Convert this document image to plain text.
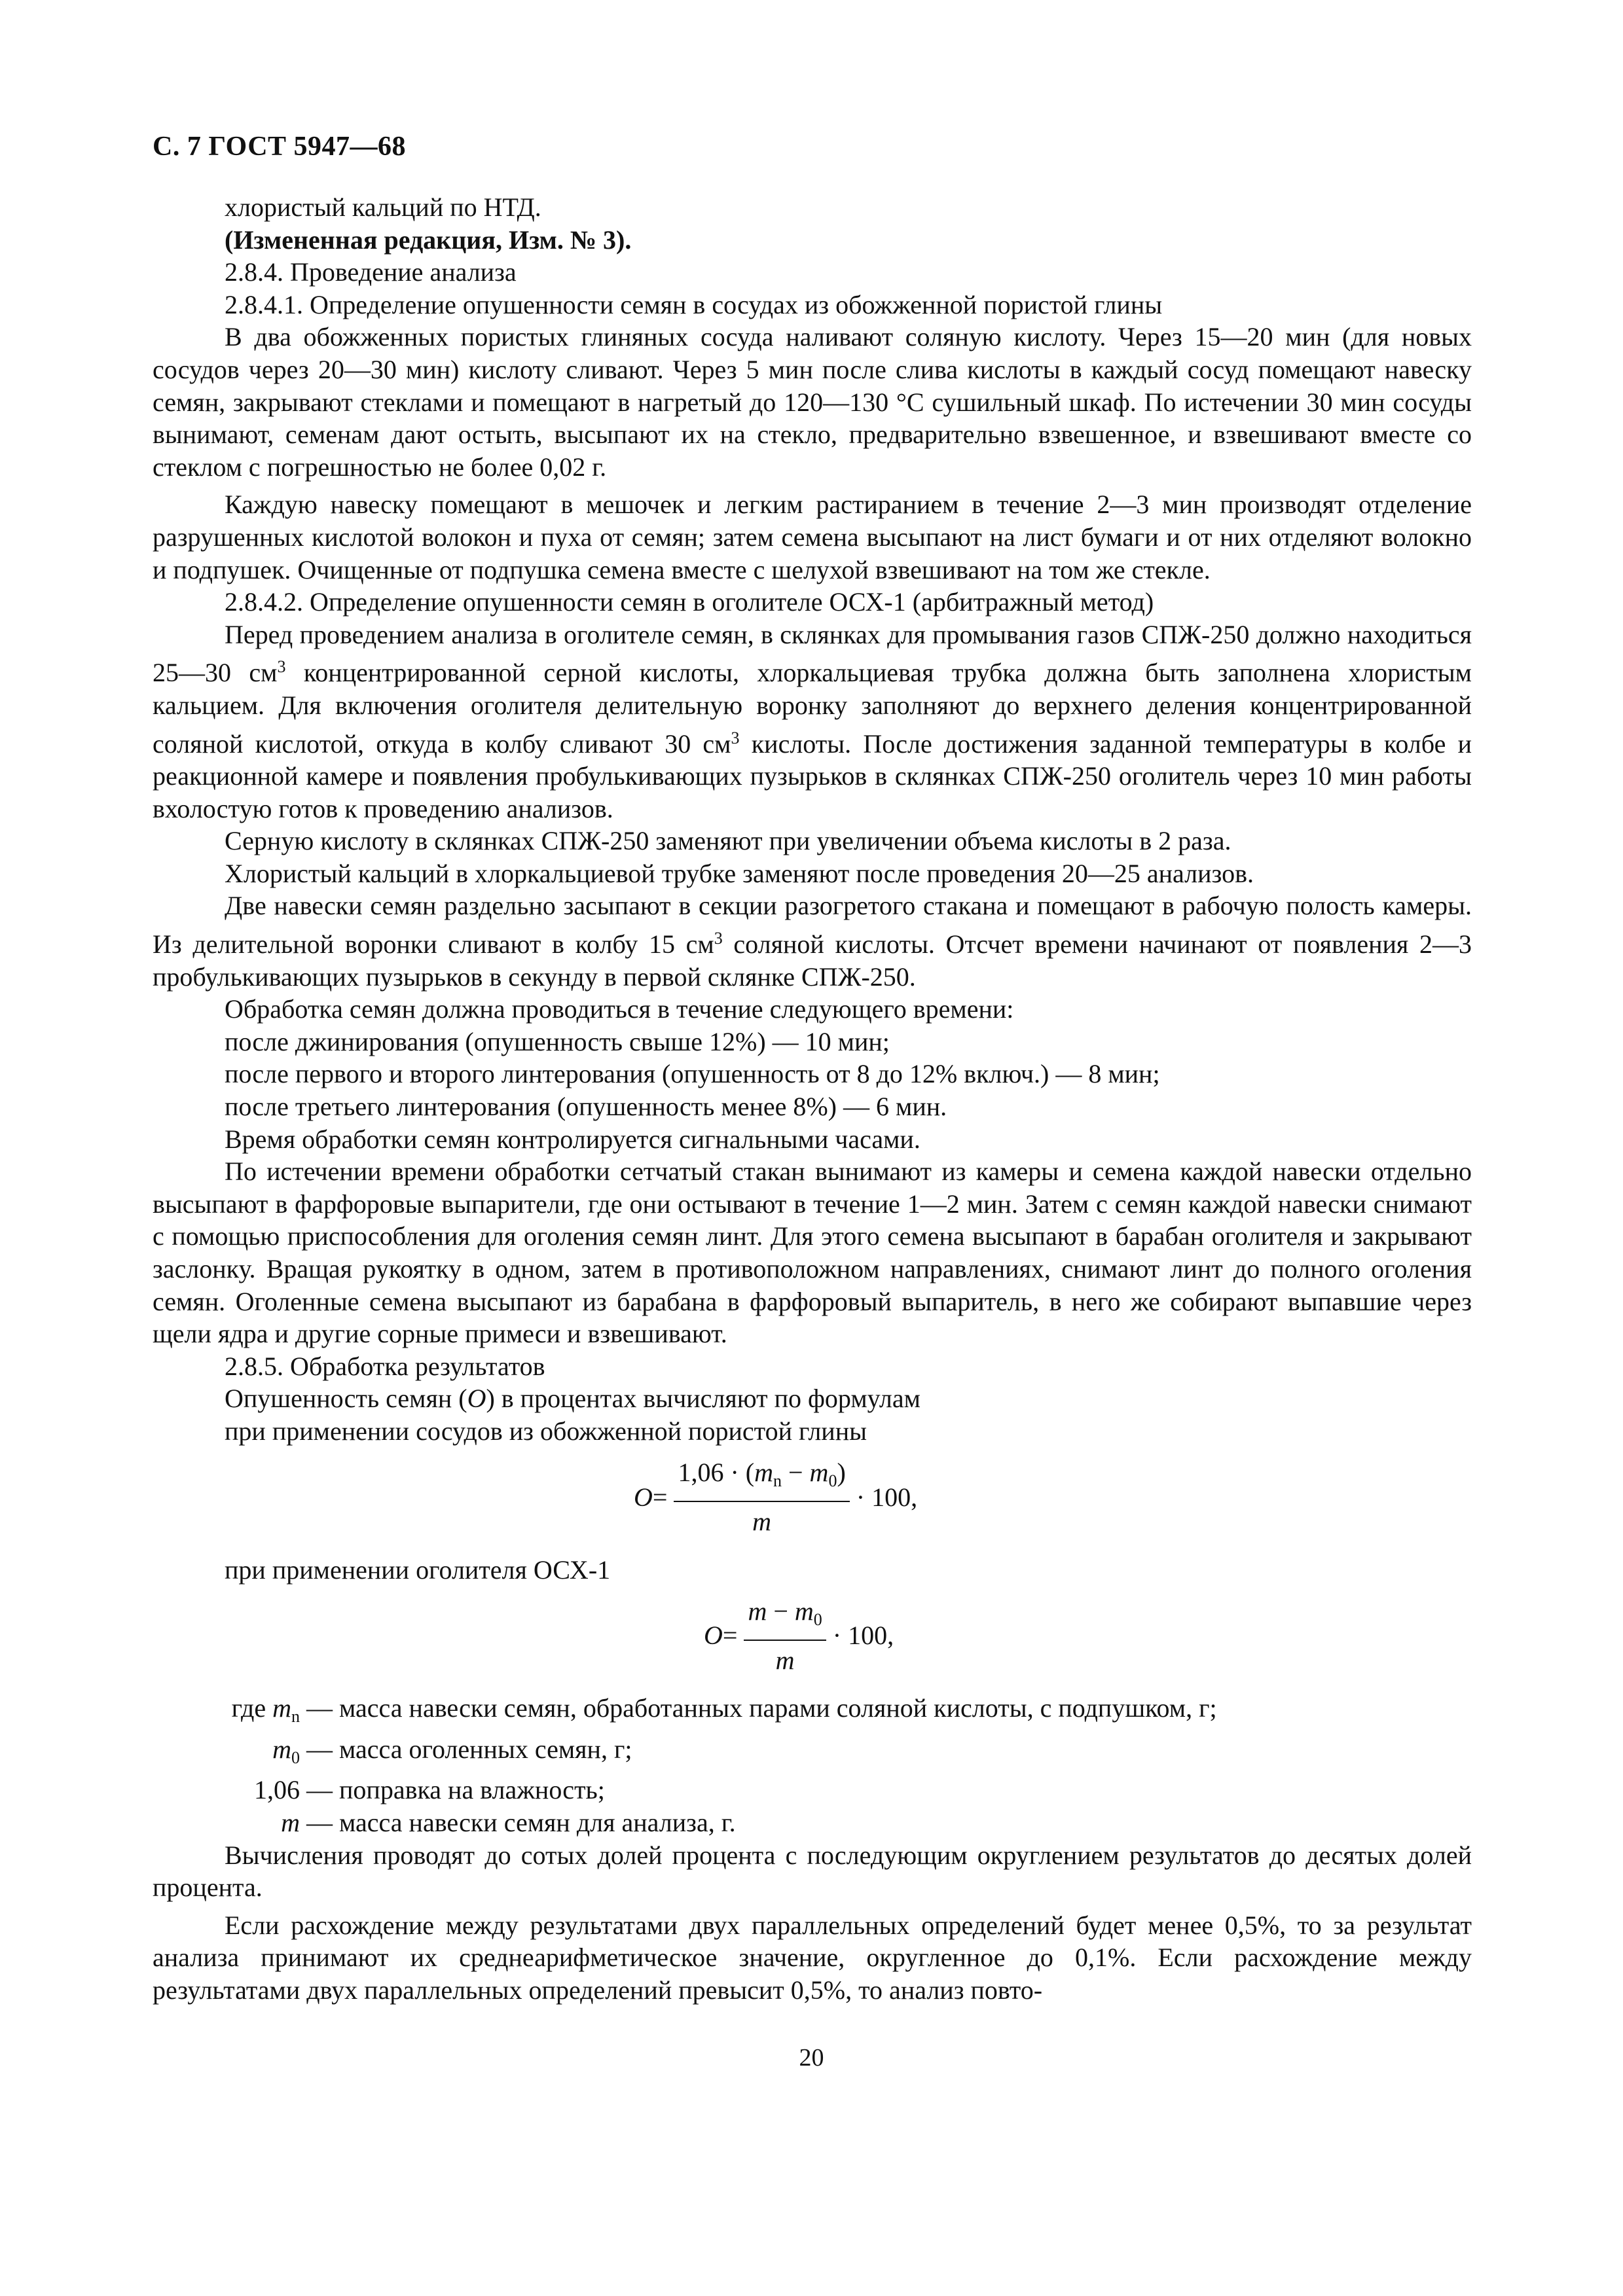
С. 7 ГОСТ 5947—68

хлористый кальций по НТД.

(Измененная редакция, Изм. № 3).

2.8.4. Проведение анализа

2.8.4.1. Определение опушенности семян в сосудах из обожженной пористой глины

В два обожженных пористых глиняных сосуда наливают соляную кислоту. Через 15—20 мин (для новых сосудов через 20—30 мин) кислоту сливают. Через 5 мин после слива кислоты в каждый сосуд помещают навеску семян, закрывают стеклами и помещают в нагретый до 120—130 °С сушильный шкаф. По истечении 30 мин сосуды вынимают, семенам дают остыть, высыпают их на стекло, предварительно взвешенное, и взвешивают вместе со стеклом с погрешностью не более 0,02 г.

Каждую навеску помещают в мешочек и легким растиранием в течение 2—3 мин производят отделение разрушенных кислотой волокон и пуха от семян; затем семена высыпают на лист бумаги и от них отделяют волокно и подпушек. Очищенные от подпушка семена вместе с шелухой взвешивают на том же стекле.

2.8.4.2. Определение опушенности семян в оголителе ОСХ-1 (арбитражный метод)

Перед проведением анализа в оголителе семян, в склянках для промывания газов СПЖ-250 должно находиться 25—30 $см^3$ концентрированной серной кислоты, хлоркальциевая трубка должна быть заполнена хлористым кальцием. Для включения оголителя делительную воронку заполняют до верхнего деления концентрированной соляной кислотой, откуда в колбу сливают 30 $см^3$ кислоты. После достижения заданной температуры в колбе и реакционной камере и появления пробулькивающих пузырьков в склянках СПЖ-250 оголитель через 10 мин работы вхолостую готов к проведению анализов.

Серную кислоту в склянках СПЖ-250 заменяют при увеличении объема кислоты в 2 раза.

Хлористый кальций в хлоркальциевой трубке заменяют после проведения 20—25 анализов.

Две навески семян раздельно засыпают в секции разогретого стакана и помещают в рабочую полость камеры. Из делительной воронки сливают в колбу 15 $см^3$ соляной кислоты. Отсчет времени начинают от появления 2—3 пробулькивающих пузырьков в секунду в первой склянке СПЖ-250.

Обработка семян должна проводиться в течение следующего времени:

после джинирования (опушенность свыше 12%) — 10 мин;

после первого и второго линтерования (опушенность от 8 до 12% включ.) — 8 мин;

после третьего линтерования (опушенность менее 8%) — 6 мин.

Время обработки семян контролируется сигнальными часами.

По истечении времени обработки сетчатый стакан вынимают из камеры и семена каждой навески отдельно высыпают в фарфоровые выпарители, где они остывают в течение 1—2 мин. Затем с семян каждой навески снимают с помощью приспособления для оголения семян линт. Для этого семена высыпают в барабан оголителя и закрывают заслонку. Вращая рукоятку в одном, затем в противоположном направлениях, снимают линт до полного оголения семян. Оголенные семена высыпают из барабана в фарфоровый выпаритель, в него же собирают выпавшие через щели ядра и другие сорные примеси и взвешивают.

2.8.5. Обработка результатов

Опушенность семян (О) в процентах вычисляют по формулам

при применении сосудов из обожженной пористой глины

$O = \frac{1,06 \cdot (m_n - m_0)}{m} \cdot 100$,

при применении оголителя ОСХ-1

$O = \frac{m - m_0}{m} \cdot 100$,
где $m_n$ — масса навески семян, обработанных парами соляной кислоты, с подпушком, г;
$m_0$ — масса оголенных семян, г;
1,06 — поправка на влажность;
m — масса навески семян для анализа, г.

Вычисления проводят до сотых долей процента с последующим округлением результатов до десятых долей процента.

Если расхождение между результатами двух параллельных определений будет менее 0,5%, то за результат анализа принимают их среднеарифметическое значение, округленное до 0,1%. Если расхождение между результатами двух параллельных определений превысит 0,5%, то анализ повто-

20
